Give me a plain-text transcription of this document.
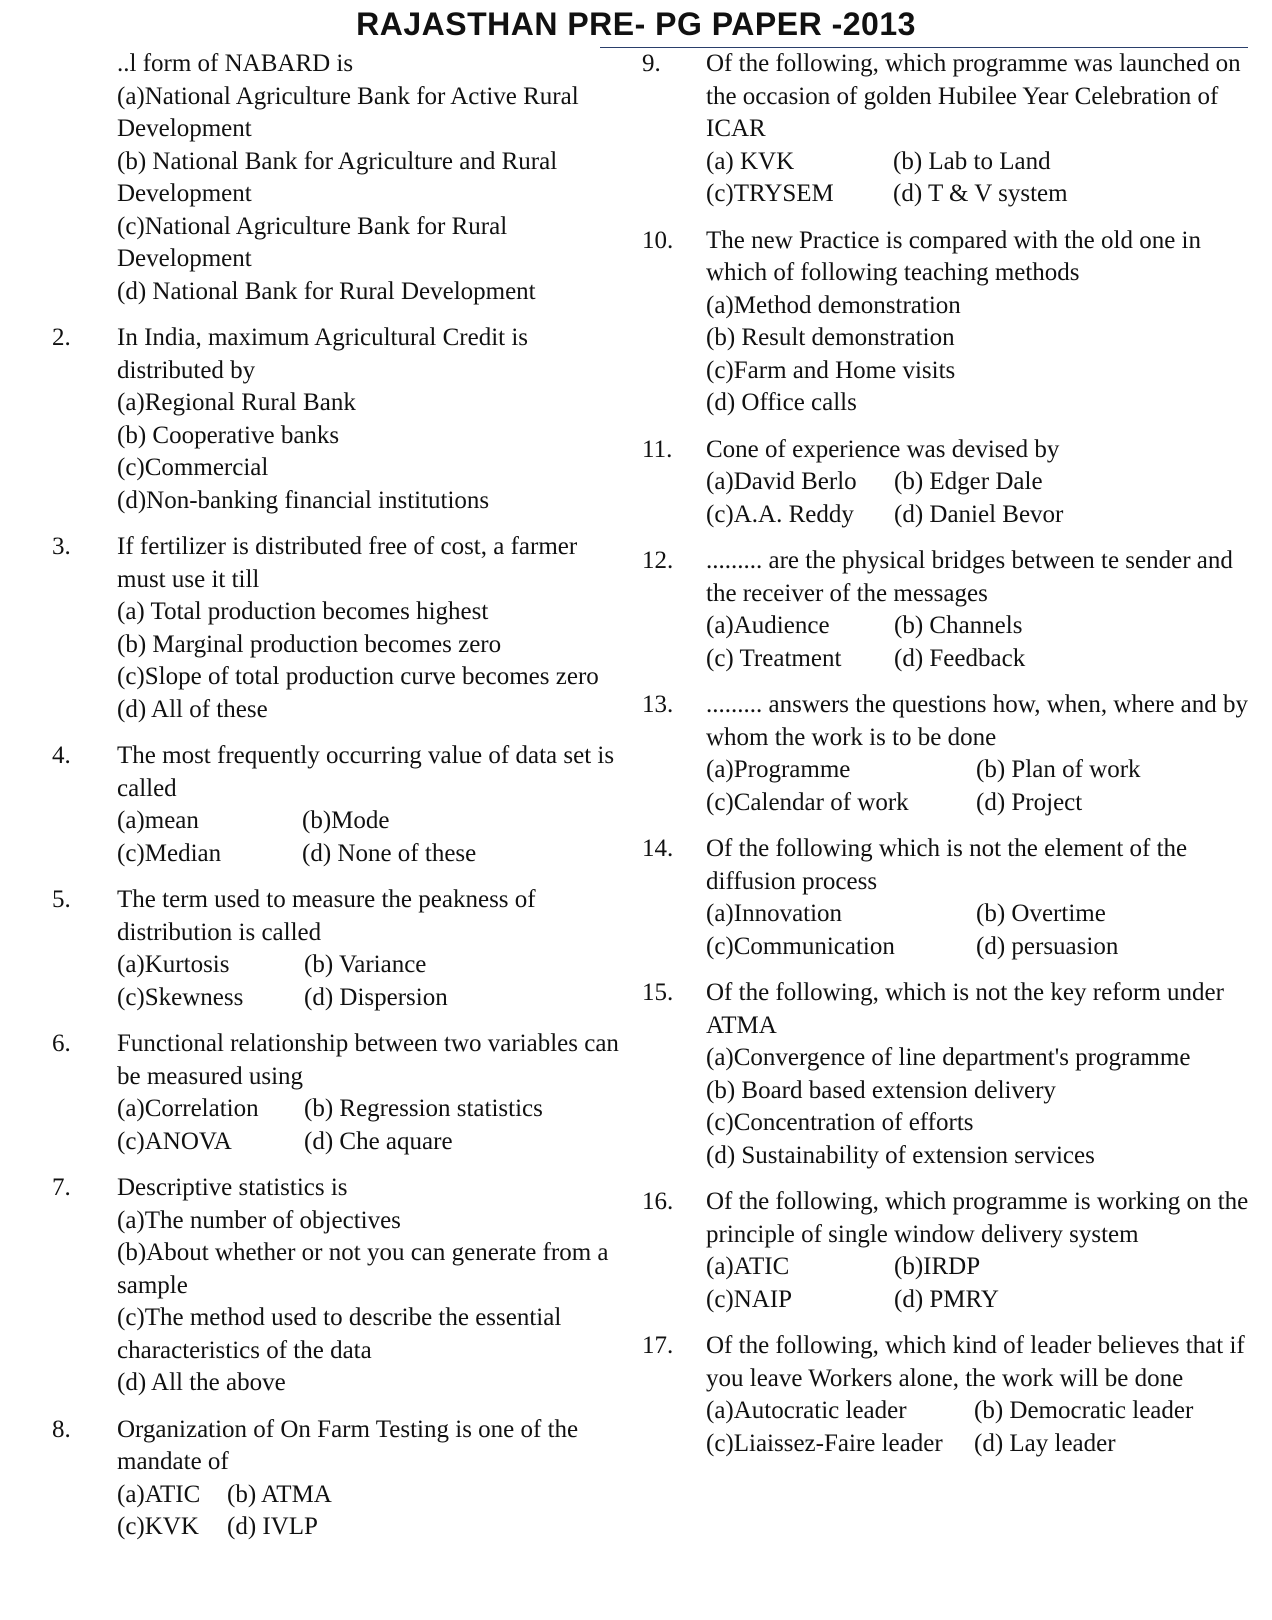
RAJASTHAN PRE- PG PAPER -2013
..l form of NABARD is
(a)National Agriculture Bank for Active Rural Development
(b) National Bank for Agriculture and Rural Development
(c)National Agriculture Bank for Rural Development
(d) National Bank for Rural Development
2. In India, maximum Agricultural Credit is distributed by
(a)Regional Rural Bank
(b) Cooperative banks
(c)Commercial
(d)Non-banking financial institutions
3. If fertilizer is distributed free of cost, a farmer must use it till
(a) Total production becomes highest
(b) Marginal production becomes zero
(c)Slope of total production curve becomes zero
(d) All of these
4. The most frequently occurring value of data set is called
(a)mean	(b)Mode
(c)Median	(d) None of these
5. The term used to measure the peakness of distribution is called
(a)Kurtosis	(b) Variance
(c)Skewness	(d) Dispersion
6. Functional relationship between two variables can be measured using
(a)Correlation	(b) Regression statistics
(c)ANOVA	(d) Che aquare
7. Descriptive statistics is
(a)The number of objectives
(b)About whether or not you can generate from a sample
(c)The method used to describe the essential characteristics of the data
(d) All the above
8. Organization of On Farm Testing is one of the mandate of
(a)ATIC	(b) ATMA
(c)KVK	(d) IVLP
9. Of the following, which programme was launched on the occasion of golden Hubilee Year Celebration of ICAR
(a) KVK	(b) Lab to Land
(c)TRYSEM	(d) T & V system
10. The new Practice is compared with the old one in which of following teaching methods
(a)Method demonstration
(b) Result demonstration
(c)Farm and Home visits
(d) Office calls
11. Cone of experience was devised by
(a)David Berlo	(b) Edger Dale
(c)A.A. Reddy	(d) Daniel Bevor
12. ......... are the physical bridges between te sender and the receiver of the messages
(a)Audience	(b) Channels
(c) Treatment	(d) Feedback
13. ......... answers the questions how, when, where and by whom the work is to be done
(a)Programme	(b) Plan of work
(c)Calendar of work	(d) Project
14. Of the following which is not the element of the diffusion process
(a)Innovation	(b) Overtime
(c)Communication	(d) persuasion
15. Of the following, which is not the key reform under ATMA
(a)Convergence of line department's programme
(b) Board based extension delivery
(c)Concentration of efforts
(d) Sustainability of extension services
16. Of the following, which programme is working on the principle of single window delivery system
(a)ATIC	(b)IRDP
(c)NAIP	(d) PMRY
17. Of the following, which kind of leader believes that if you leave Workers alone, the work will be done
(a)Autocratic leader	(b) Democratic leader
(c)Liaissez-Faire leader	(d) Lay leader
